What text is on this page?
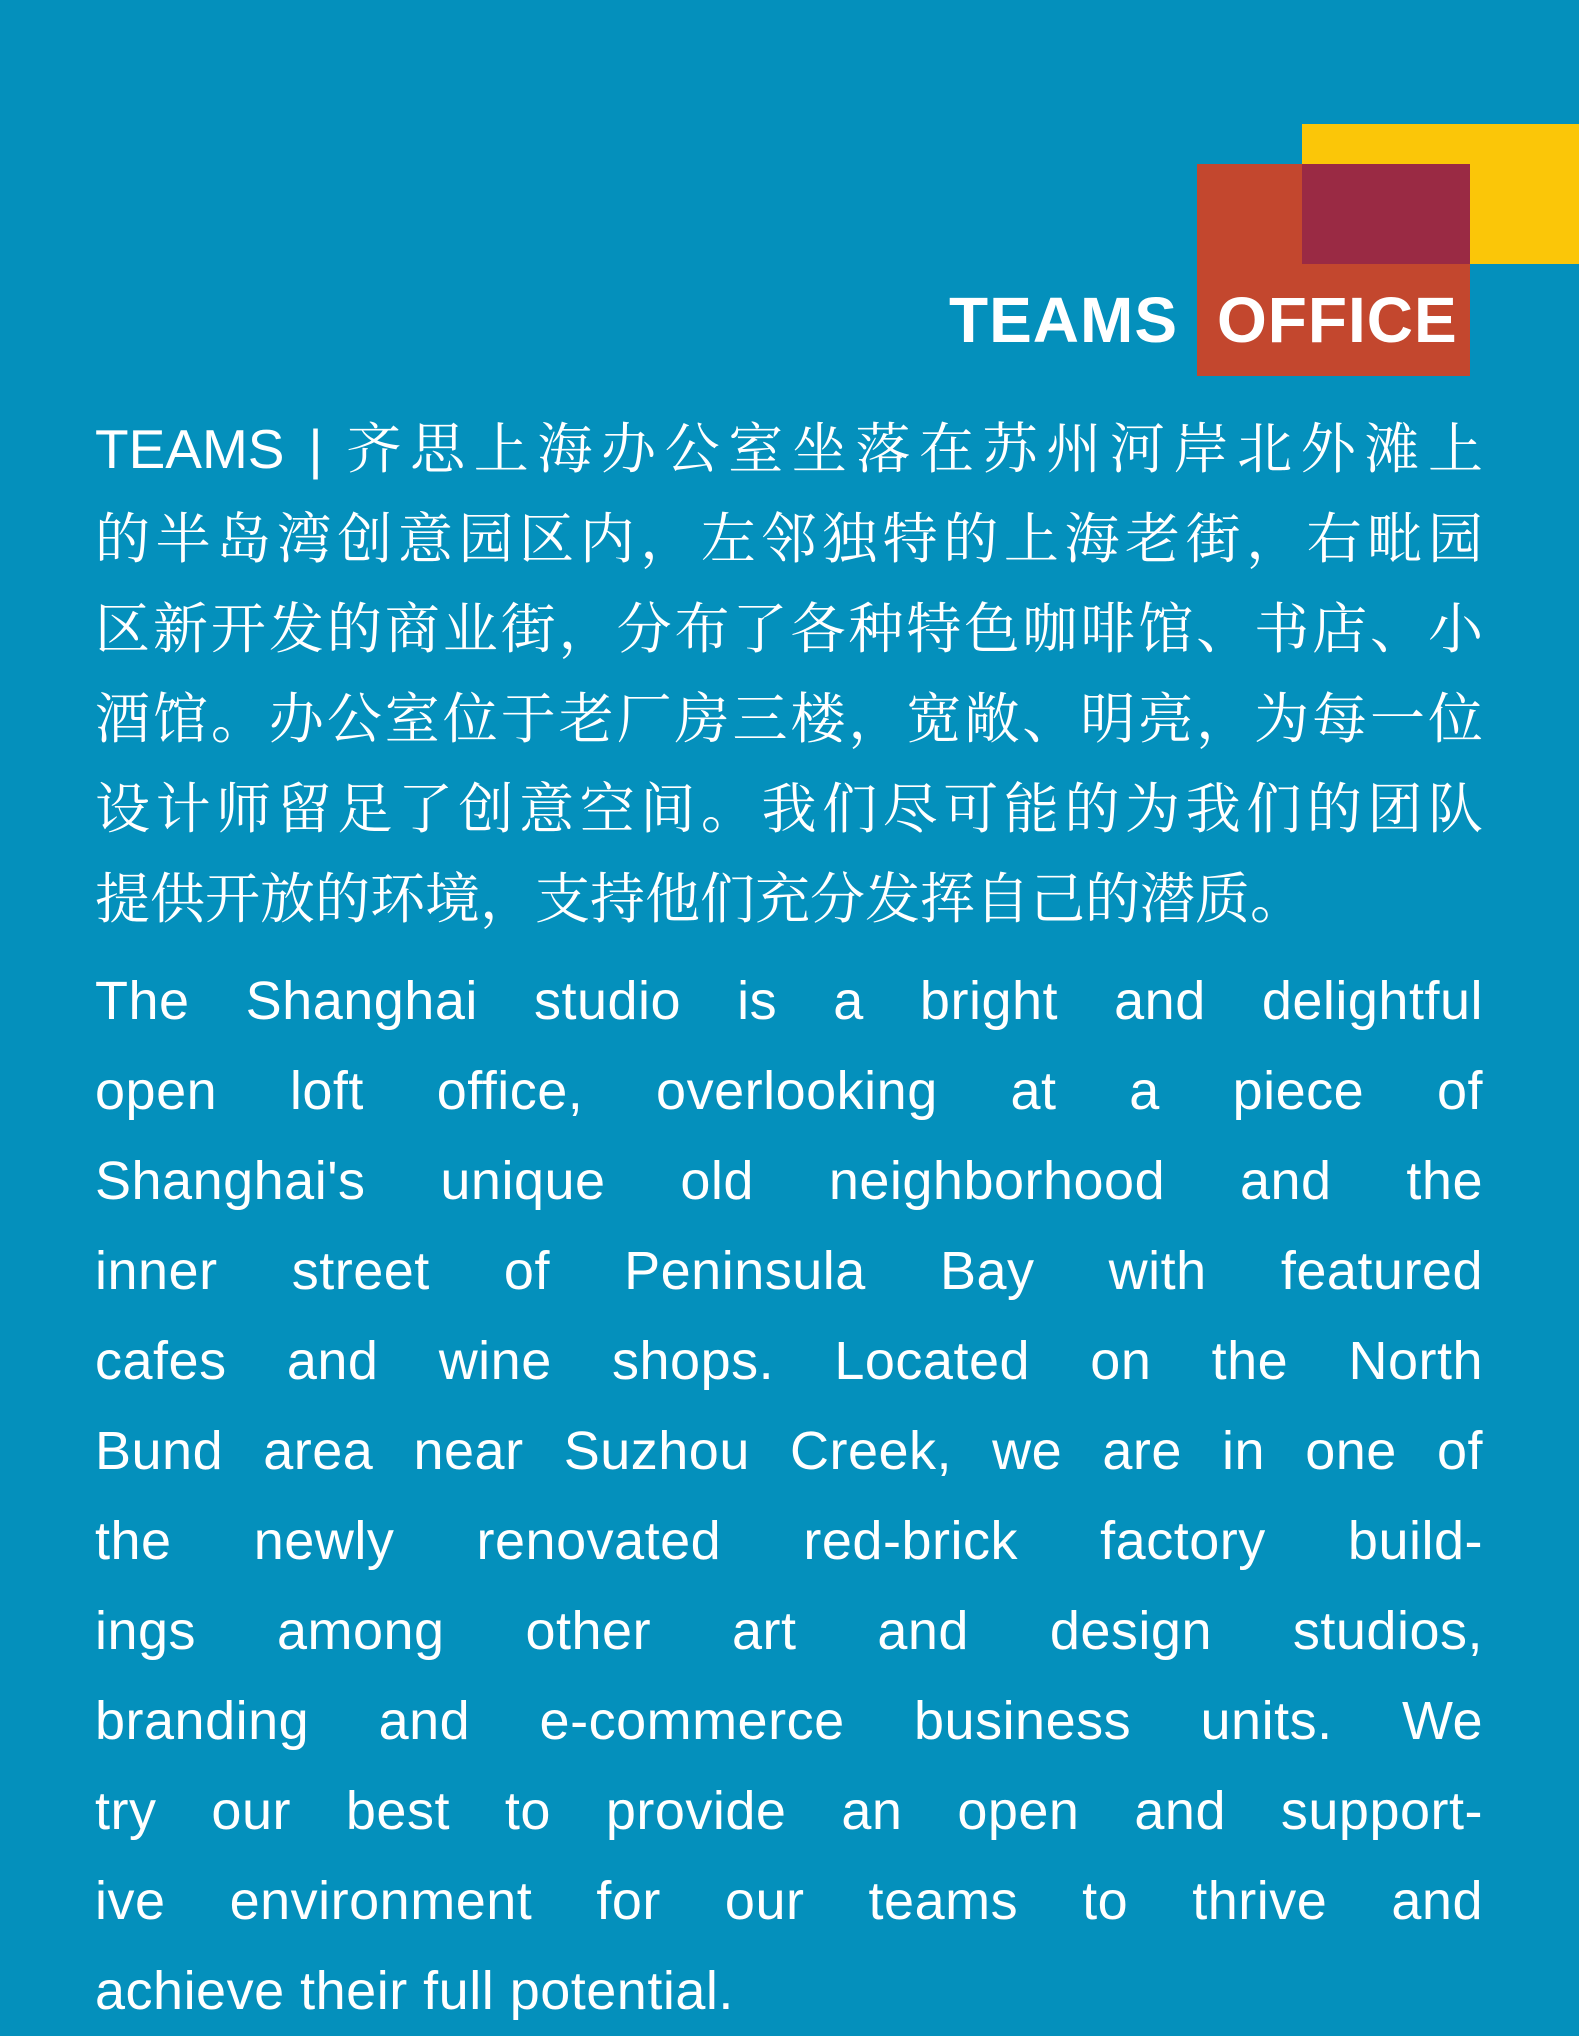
TEAMS OFFICE
TEAMS | 齐思上海办公室坐落在苏州河岸北外滩上
的半岛湾创意园区内，左邻独特的上海老街，右毗园
区新开发的商业街，分布了各种特色咖啡馆、书店、小
酒馆。办公室位于老厂房三楼，宽敞、明亮，为每一位
设计师留足了创意空间。我们尽可能的为我们的团队
提供开放的环境，支持他们充分发挥自己的潜质。
The Shanghai studio is a bright and delightful
open loft office, overlooking at a piece of
Shanghai's unique old neighborhood and the
inner street of Peninsula Bay with featured
cafes and wine shops. Located on the North
Bund area near Suzhou Creek, we are in one of
the newly renovated red-brick factory build-
ings among other art and design studios,
branding and e-commerce business units. We
try our best to provide an open and support-
ive environment for our teams to thrive and
achieve their full potential.
